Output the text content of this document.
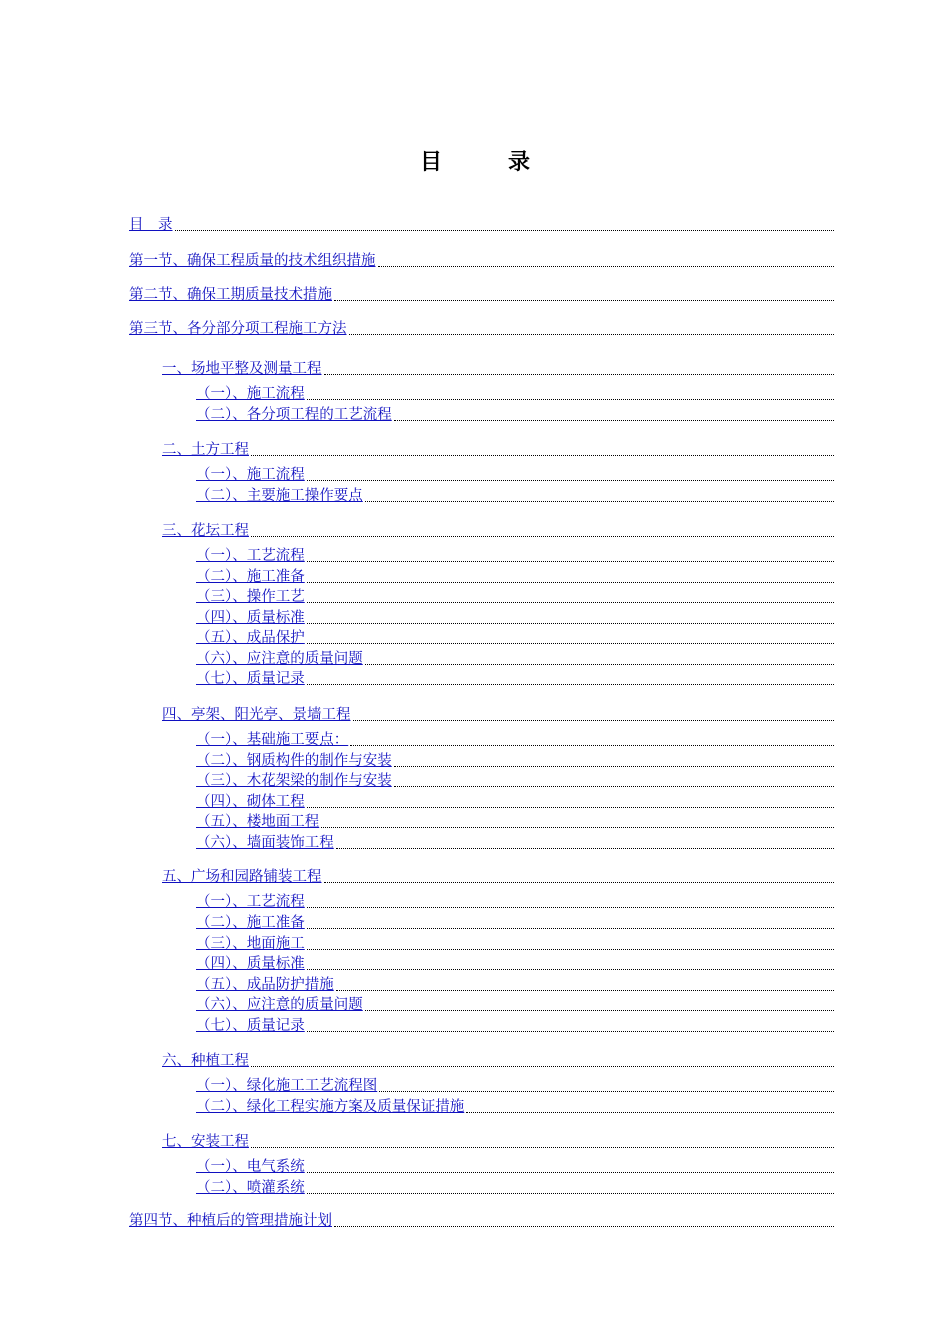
目　录
目　录
第一节、确保工程质量的技术组织措施
第二节、确保工期质量技术措施
第三节、各分部分项工程施工方法
一、场地平整及测量工程
（一）、施工流程
（二）、各分项工程的工艺流程
二、土方工程
（一）、施工流程
（二）、主要施工操作要点
三、花坛工程
（一）、工艺流程
（二）、施工准备
（三）、操作工艺
（四）、质量标准
（五）、成品保护
（六）、应注意的质量问题
（七）、质量记录
四、亭架、阳光亭、景墙工程
（一）、基础施工要点：
（二）、钢质构件的制作与安装
（三）、木花架梁的制作与安装
（四）、砌体工程
（五）、楼地面工程
（六）、墙面装饰工程
五、广场和园路铺装工程
（一）、工艺流程
（二）、施工准备
（三）、地面施工
（四）、质量标准
（五）、成品防护措施
（六）、应注意的质量问题
（七）、质量记录
六、种植工程
（一）、绿化施工工艺流程图
（二）、绿化工程实施方案及质量保证措施
七、安装工程
（一）、电气系统
（二）、喷灌系统
第四节、种植后的管理措施计划
